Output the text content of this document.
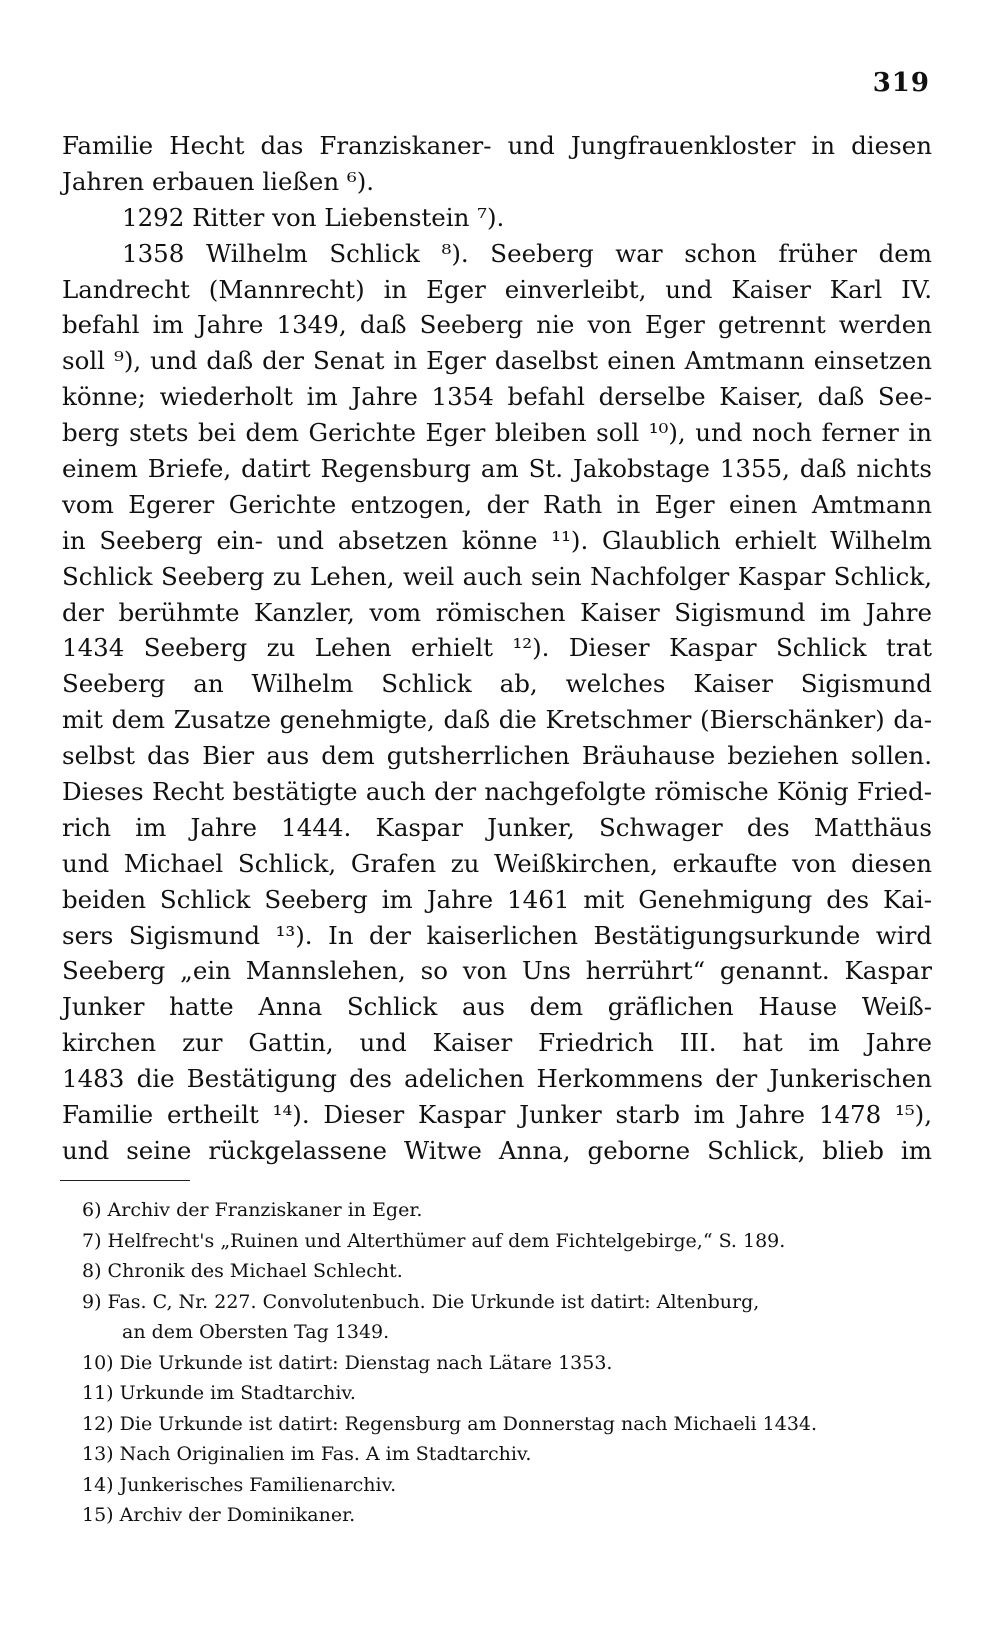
319
Familie Hecht das Franziskaner- und Jungfrauenkloster in diesen
Jahren erbauen ließen ⁶).
1292 Ritter von Liebenstein ⁷).
1358 Wilhelm Schlick ⁸). Seeberg war schon früher dem
Landrecht (Mannrecht) in Eger einverleibt, und Kaiser Karl IV.
befahl im Jahre 1349, daß Seeberg nie von Eger getrennt werden
soll ⁹), und daß der Senat in Eger daselbst einen Amtmann einsetzen
könne; wiederholt im Jahre 1354 befahl derselbe Kaiser, daß See-
berg stets bei dem Gerichte Eger bleiben soll ¹⁰), und noch ferner in
einem Briefe, datirt Regensburg am St. Jakobstage 1355, daß nichts
vom Egerer Gerichte entzogen, der Rath in Eger einen Amtmann
in Seeberg ein- und absetzen könne ¹¹). Glaublich erhielt Wilhelm
Schlick Seeberg zu Lehen, weil auch sein Nachfolger Kaspar Schlick,
der berühmte Kanzler, vom römischen Kaiser Sigismund im Jahre
1434 Seeberg zu Lehen erhielt ¹²). Dieser Kaspar Schlick trat
Seeberg an Wilhelm Schlick ab, welches Kaiser Sigismund
mit dem Zusatze genehmigte, daß die Kretschmer (Bierschänker) da-
selbst das Bier aus dem gutsherrlichen Bräuhause beziehen sollen.
Dieses Recht bestätigte auch der nachgefolgte römische König Fried-
rich im Jahre 1444. Kaspar Junker, Schwager des Matthäus
und Michael Schlick, Grafen zu Weißkirchen, erkaufte von diesen
beiden Schlick Seeberg im Jahre 1461 mit Genehmigung des Kai-
sers Sigismund ¹³). In der kaiserlichen Bestätigungsurkunde wird
Seeberg „ein Mannslehen, so von Uns herrührt“ genannt. Kaspar
Junker hatte Anna Schlick aus dem gräflichen Hause Weiß-
kirchen zur Gattin, und Kaiser Friedrich III. hat im Jahre
1483 die Bestätigung des adelichen Herkommens der Junkerischen
Familie ertheilt ¹⁴). Dieser Kaspar Junker starb im Jahre 1478 ¹⁵),
und seine rückgelassene Witwe Anna, geborne Schlick, blieb im
6) Archiv der Franziskaner in Eger.
7) Helfrecht's „Ruinen und Alterthümer auf dem Fichtelgebirge,“ S. 189.
8) Chronik des Michael Schlecht.
9) Fas. C, Nr. 227. Convolutenbuch. Die Urkunde ist datirt: Altenburg,
an dem Obersten Tag 1349.
10) Die Urkunde ist datirt: Dienstag nach Lätare 1353.
11) Urkunde im Stadtarchiv.
12) Die Urkunde ist datirt: Regensburg am Donnerstag nach Michaeli 1434.
13) Nach Originalien im Fas. A im Stadtarchiv.
14) Junkerisches Familienarchiv.
15) Archiv der Dominikaner.
